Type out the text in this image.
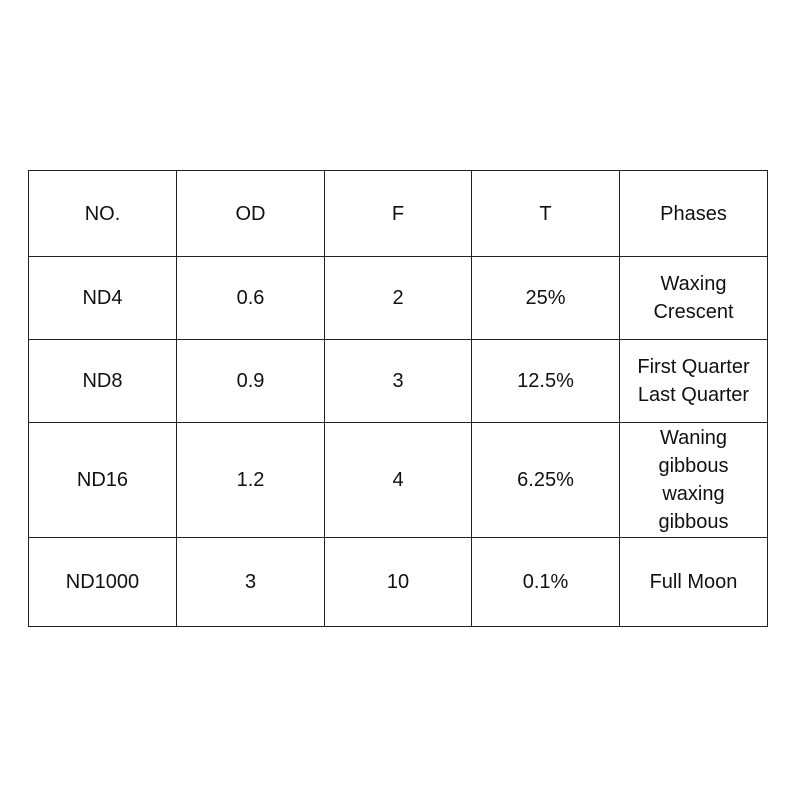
NO.	OD	F	T	Phases
ND4	0.6	2	25%	Waxing
Crescent

ND8	0.9	3	12.5%	First Quarter
Last Quarter

ND16	1.2	4	6.25%	Waning
gibbous
waxing
gibbous

ND1000	3	10	0.1%	Full Moon
